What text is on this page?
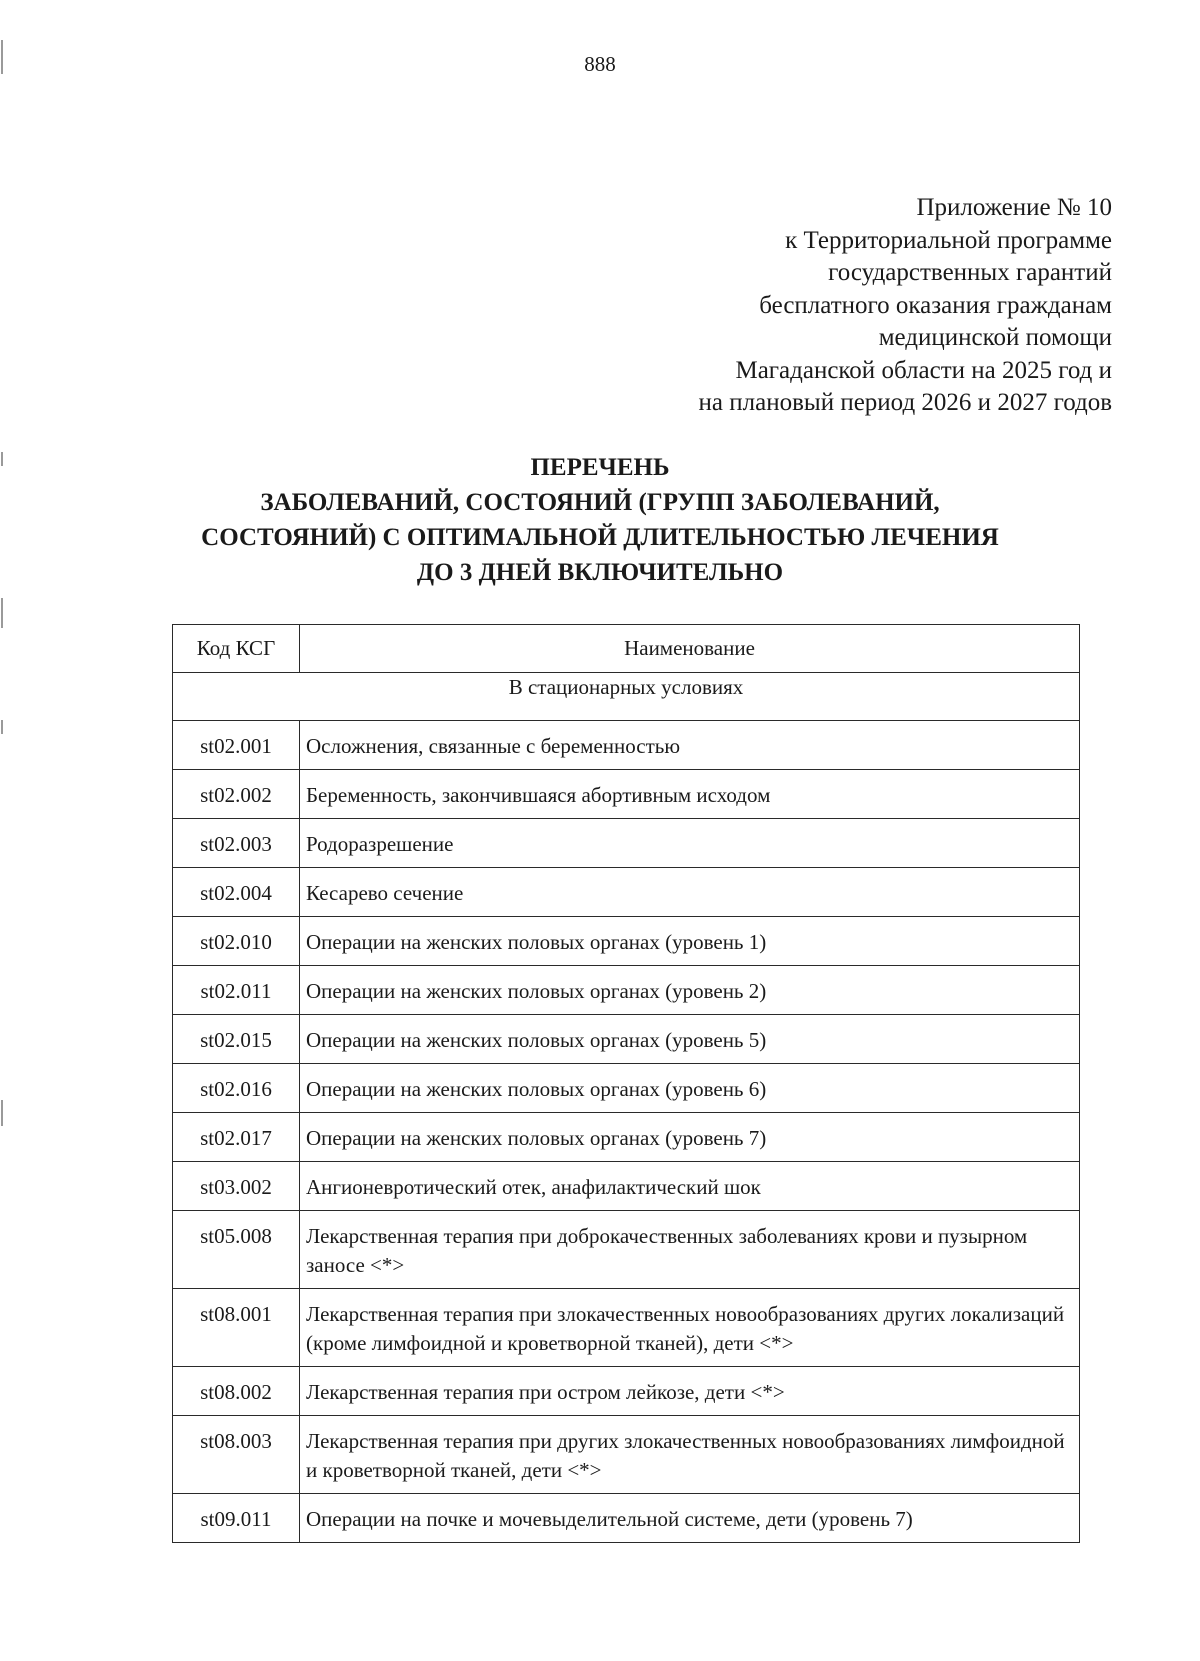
888
Приложение № 10
к Территориальной программе
государственных гарантий
бесплатного оказания гражданам
медицинской помощи
Магаданской области на 2025 год и
на плановый период 2026 и 2027 годов
ПЕРЕЧЕНЬ
ЗАБОЛЕВАНИЙ, СОСТОЯНИЙ (ГРУПП ЗАБОЛЕВАНИЙ,
СОСТОЯНИЙ) С ОПТИМАЛЬНОЙ ДЛИТЕЛЬНОСТЬЮ ЛЕЧЕНИЯ
ДО 3 ДНЕЙ ВКЛЮЧИТЕЛЬНО
Код КСГ	Наименование
В стационарных условиях	
st02.001	Осложнения, связанные с беременностью
st02.002	Беременность, закончившаяся абортивным исходом
st02.003	Родоразрешение
st02.004	Кесарево сечение
st02.010	Операции на женских половых органах (уровень 1)
st02.011	Операции на женских половых органах (уровень 2)
st02.015	Операции на женских половых органах (уровень 5)
st02.016	Операции на женских половых органах (уровень 6)
st02.017	Операции на женских половых органах (уровень 7)
st03.002	Ангионевротический отек, анафилактический шок
st05.008	Лекарственная терапия при доброкачественных заболеваниях крови и пузырном заносе <*>
st08.001	Лекарственная терапия при злокачественных новообразованиях других локализаций (кроме лимфоидной и кроветворной тканей), дети <*>
st08.002	Лекарственная терапия при остром лейкозе, дети <*>
st08.003	Лекарственная терапия при других злокачественных новообразованиях лимфоидной и кроветворной тканей, дети <*>
st09.011	Операции на почке и мочевыделительной системе, дети (уровень 7)
